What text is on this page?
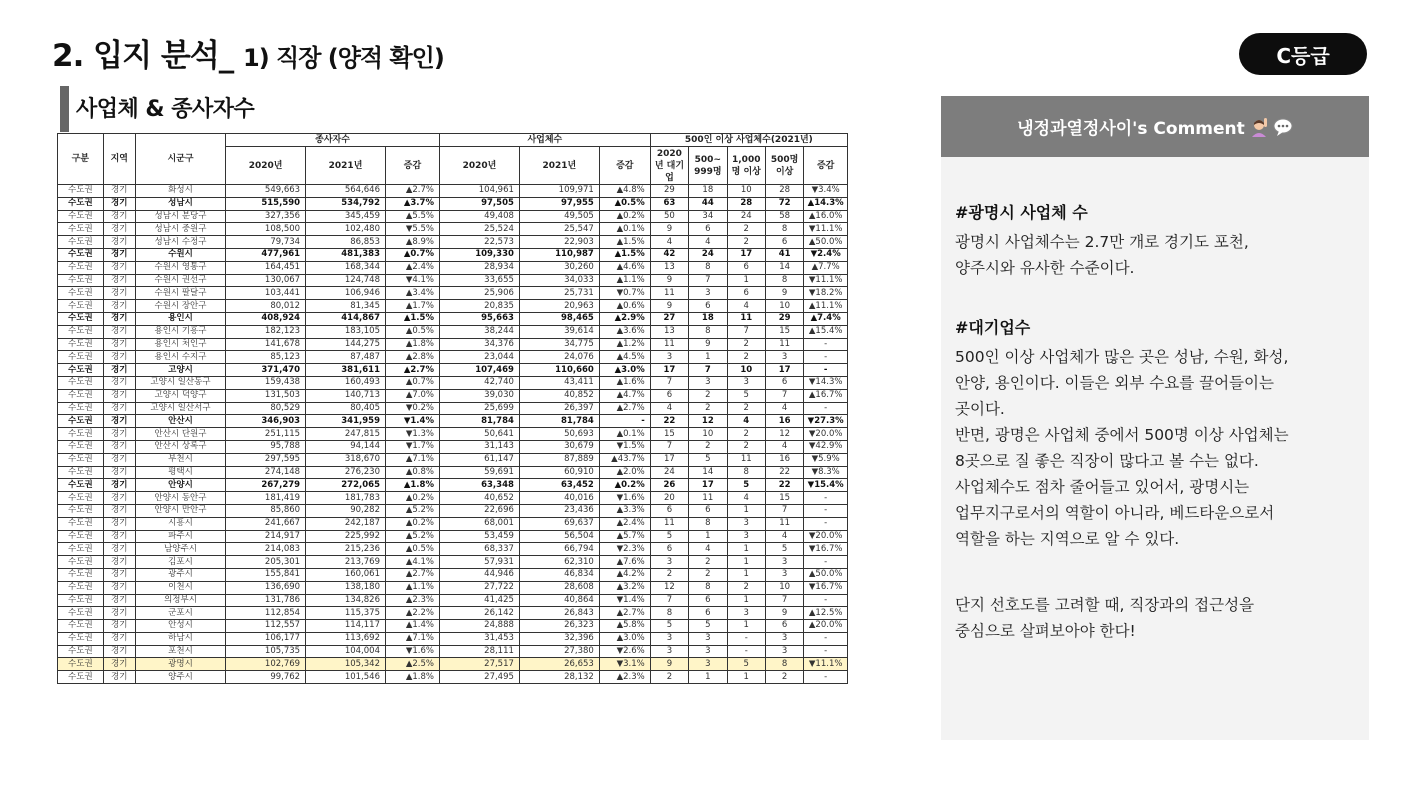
2. 입지 분석_ 1) 직장 (양적 확인)	C등급
사업체 & 종사자수
구분	지역	시군구	종사자수			사업체수			500인 이상 사업체수(2021년)				
			2020년	2021년	증감	2020년	2021년	증감	2020년 대기업	500~ 999명	1,000명 이상	500명 이상	증감
수도권	경기	화성시	549,663	564,646	▲2.7%	104,961	109,971	▲4.8%	29	18	10	28	▼3.4%
수도권	경기	성남시	515,590	534,792	▲3.7%	97,505	97,955	▲0.5%	63	44	28	72	▲14.3%
수도권	경기	성남시 분당구	327,356	345,459	▲5.5%	49,408	49,505	▲0.2%	50	34	24	58	▲16.0%
수도권	경기	성남시 중원구	108,500	102,480	▼5.5%	25,524	25,547	▲0.1%	9	6	2	8	▼11.1%
수도권	경기	성남시 수정구	79,734	86,853	▲8.9%	22,573	22,903	▲1.5%	4	4	2	6	▲50.0%
수도권	경기	수원시	477,961	481,383	▲0.7%	109,330	110,987	▲1.5%	42	24	17	41	▼2.4%
수도권	경기	수원시 영통구	164,451	168,344	▲2.4%	28,934	30,260	▲4.6%	13	8	6	14	▲7.7%
수도권	경기	수원시 권선구	130,067	124,748	▼4.1%	33,655	34,033	▲1.1%	9	7	1	8	▼11.1%
수도권	경기	수원시 팔달구	103,441	106,946	▲3.4%	25,906	25,731	▼0.7%	11	3	6	9	▼18.2%
수도권	경기	수원시 장안구	80,012	81,345	▲1.7%	20,835	20,963	▲0.6%	9	6	4	10	▲11.1%
수도권	경기	용인시	408,924	414,867	▲1.5%	95,663	98,465	▲2.9%	27	18	11	29	▲7.4%
수도권	경기	용인시 기흥구	182,123	183,105	▲0.5%	38,244	39,614	▲3.6%	13	8	7	15	▲15.4%
수도권	경기	용인시 처인구	141,678	144,275	▲1.8%	34,376	34,775	▲1.2%	11	9	2	11	-
수도권	경기	용인시 수지구	85,123	87,487	▲2.8%	23,044	24,076	▲4.5%	3	1	2	3	-
수도권	경기	고양시	371,470	381,611	▲2.7%	107,469	110,660	▲3.0%	17	7	10	17	-
수도권	경기	고양시 일산동구	159,438	160,493	▲0.7%	42,740	43,411	▲1.6%	7	3	3	6	▼14.3%
수도권	경기	고양시 덕양구	131,503	140,713	▲7.0%	39,030	40,852	▲4.7%	6	2	5	7	▲16.7%
수도권	경기	고양시 일산서구	80,529	80,405	▼0.2%	25,699	26,397	▲2.7%	4	2	2	4	-
수도권	경기	안산시	346,903	341,959	▼1.4%	81,784	81,784	-	22	12	4	16	▼27.3%
수도권	경기	안산시 단원구	251,115	247,815	▼1.3%	50,641	50,693	▲0.1%	15	10	2	12	▼20.0%
수도권	경기	안산시 상록구	95,788	94,144	▼1.7%	31,143	30,679	▼1.5%	7	2	2	4	▼42.9%
수도권	경기	부천시	297,595	318,670	▲7.1%	61,147	87,889	▲43.7%	17	5	11	16	▼5.9%
수도권	경기	평택시	274,148	276,230	▲0.8%	59,691	60,910	▲2.0%	24	14	8	22	▼8.3%
수도권	경기	안양시	267,279	272,065	▲1.8%	63,348	63,452	▲0.2%	26	17	5	22	▼15.4%
수도권	경기	안양시 동안구	181,419	181,783	▲0.2%	40,652	40,016	▼1.6%	20	11	4	15	-
수도권	경기	안양시 만안구	85,860	90,282	▲5.2%	22,696	23,436	▲3.3%	6	6	1	7	-
수도권	경기	시흥시	241,667	242,187	▲0.2%	68,001	69,637	▲2.4%	11	8	3	11	-
수도권	경기	파주시	214,917	225,992	▲5.2%	53,459	56,504	▲5.7%	5	1	3	4	▼20.0%
수도권	경기	남양주시	214,083	215,236	▲0.5%	68,337	66,794	▼2.3%	6	4	1	5	▼16.7%
수도권	경기	김포시	205,301	213,769	▲4.1%	57,931	62,310	▲7.6%	3	2	1	3	-
수도권	경기	광주시	155,841	160,061	▲2.7%	44,946	46,834	▲4.2%	2	2	1	3	▲50.0%
수도권	경기	이천시	136,690	138,180	▲1.1%	27,722	28,608	▲3.2%	12	8	2	10	▼16.7%
수도권	경기	의정부시	131,786	134,826	▲2.3%	41,425	40,864	▼1.4%	7	6	1	7	-
수도권	경기	군포시	112,854	115,375	▲2.2%	26,142	26,843	▲2.7%	8	6	3	9	▲12.5%
수도권	경기	안성시	112,557	114,117	▲1.4%	24,888	26,323	▲5.8%	5	5	1	6	▲20.0%
수도권	경기	하남시	106,177	113,692	▲7.1%	31,453	32,396	▲3.0%	3	3	-	3	-
수도권	경기	포천시	105,735	104,004	▼1.6%	28,111	27,380	▼2.6%	3	3	-	3	-
수도권	경기	광명시	102,769	105,342	▲2.5%	27,517	26,653	▼3.1%	9	3	5	8	▼11.1%
수도권	경기	양주시	99,762	101,546	▲1.8%	27,495	28,132	▲2.3%	2	1	1	2	-
냉정과열정사이's Comment
#광명시 사업체 수

광명시 사업체수는 2.7만 개로 경기도 포천,

양주시와 유사한 수준이다.

#대기업수

500인 이상 사업체가 많은 곳은 성남, 수원, 화성,

안양, 용인이다. 이들은 외부 수요를 끌어들이는

곳이다.

반면, 광명은 사업체 중에서 500명 이상 사업체는

8곳으로 질 좋은 직장이 많다고 볼 수는 없다.

사업체수도 점차 줄어들고 있어서, 광명시는

업무지구로서의 역할이 아니라, 베드타운으로서

역할을 하는 지역으로 알 수 있다.

단지 선호도를 고려할 때, 직장과의 접근성을

중심으로 살펴보아야 한다!
